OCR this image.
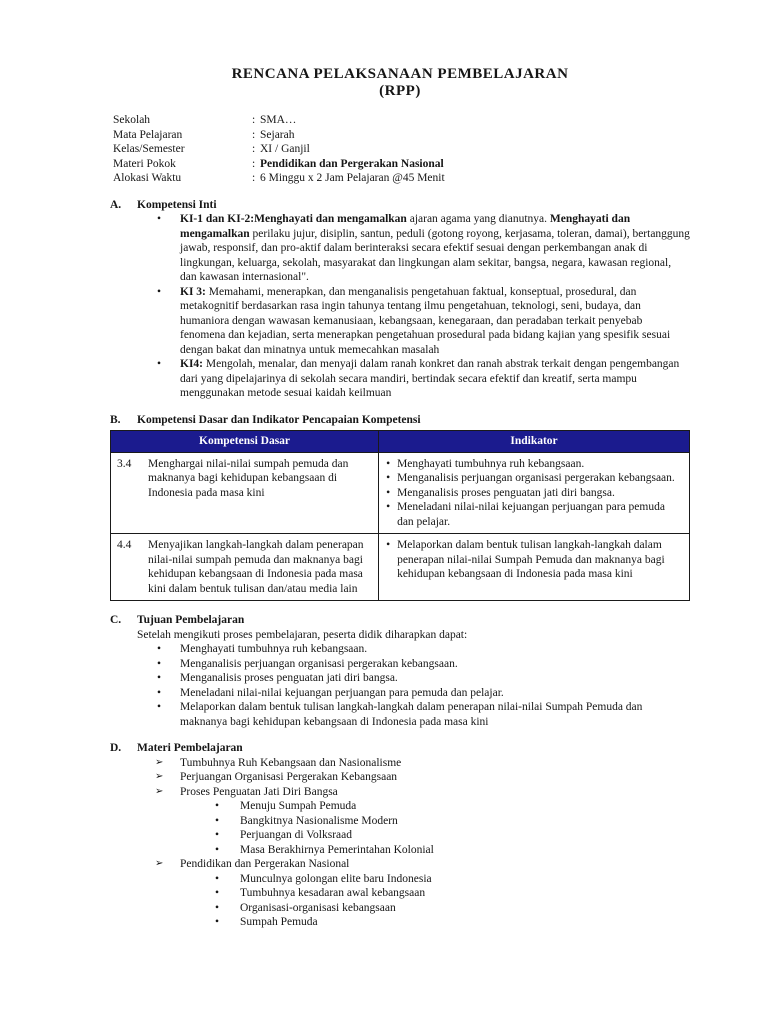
RENCANA PELAKSANAAN PEMBELAJARAN
(RPP)
Sekolah	: SMA…
Mata Pelajaran	: Sejarah
Kelas/Semester	: XI / Ganjil
Materi Pokok	: Pendidikan dan Pergerakan Nasional
Alokasi Waktu	: 6 Minggu x 2 Jam Pelajaran @45 Menit
A.	Kompetensi Inti
•	KI-1 dan KI-2:Menghayati dan mengamalkan ajaran agama yang dianutnya. Menghayati dan mengamalkan perilaku jujur, disiplin, santun, peduli (gotong royong, kerjasama, toleran, damai), bertanggung jawab, responsif, dan pro-aktif dalam berinteraksi secara efektif sesuai dengan perkembangan anak di lingkungan, keluarga, sekolah, masyarakat dan lingkungan alam sekitar, bangsa, negara, kawasan regional, dan kawasan internasional".
•	KI 3: Memahami, menerapkan, dan menganalisis pengetahuan faktual, konseptual, prosedural, dan metakognitif berdasarkan rasa ingin tahunya tentang ilmu pengetahuan, teknologi, seni, budaya, dan humaniora dengan wawasan kemanusiaan, kebangsaan, kenegaraan, dan peradaban terkait penyebab fenomena dan kejadian, serta menerapkan pengetahuan prosedural pada bidang kajian yang spesifik sesuai dengan bakat dan minatnya untuk memecahkan masalah
•	KI4: Mengolah, menalar, dan menyaji dalam ranah konkret dan ranah abstrak terkait dengan pengembangan dari yang dipelajarinya di sekolah secara mandiri, bertindak secara efektif dan kreatif, serta mampu menggunakan metode sesuai kaidah keilmuan
B.	Kompetensi Dasar dan Indikator Pencapaian Kompetensi
Kompetensi Dasar	Indikator

3.4	Menghargai nilai-nilai sumpah pemuda dan maknanya bagi kehidupan kebangsaan di Indonesia pada masa kini

• Menghayati tumbuhnya ruh kebangsaan.
• Menganalisis perjuangan organisasi pergerakan kebangsaan.
• Menganalisis proses penguatan jati diri bangsa.
• Meneladani nilai-nilai kejuangan perjuangan para pemuda dan pelajar.

4.4	Menyajikan langkah-langkah dalam penerapan nilai-nilai sumpah pemuda dan maknanya bagi kehidupan kebangsaan di Indonesia pada masa kini dalam bentuk tulisan dan/atau media lain

• Melaporkan dalam bentuk tulisan langkah-langkah dalam penerapan nilai-nilai Sumpah Pemuda dan maknanya bagi kehidupan kebangsaan di Indonesia pada masa kini
C.	Tujuan Pembelajaran
Setelah mengikuti proses pembelajaran, peserta didik diharapkan dapat:
•	Menghayati tumbuhnya ruh kebangsaan.
•	Menganalisis perjuangan organisasi pergerakan kebangsaan.
•	Menganalisis proses penguatan jati diri bangsa.
•	Meneladani nilai-nilai kejuangan perjuangan para pemuda dan pelajar.
•	Melaporkan dalam bentuk tulisan langkah-langkah dalam penerapan nilai-nilai Sumpah Pemuda dan maknanya bagi kehidupan kebangsaan di Indonesia pada masa kini
D.	Materi Pembelajaran
➢	Tumbuhnya Ruh Kebangsaan dan Nasionalisme
➢	Perjuangan Organisasi Pergerakan Kebangsaan
➢	Proses Penguatan Jati Diri Bangsa
•	Menuju Sumpah Pemuda
•	Bangkitnya Nasionalisme Modern
•	Perjuangan di Volksraad
•	Masa Berakhirnya Pemerintahan Kolonial
➢	Pendidikan dan Pergerakan Nasional
•	Munculnya golongan elite baru Indonesia
•	Tumbuhnya kesadaran awal kebangsaan
•	Organisasi-organisasi kebangsaan
•	Sumpah Pemuda
